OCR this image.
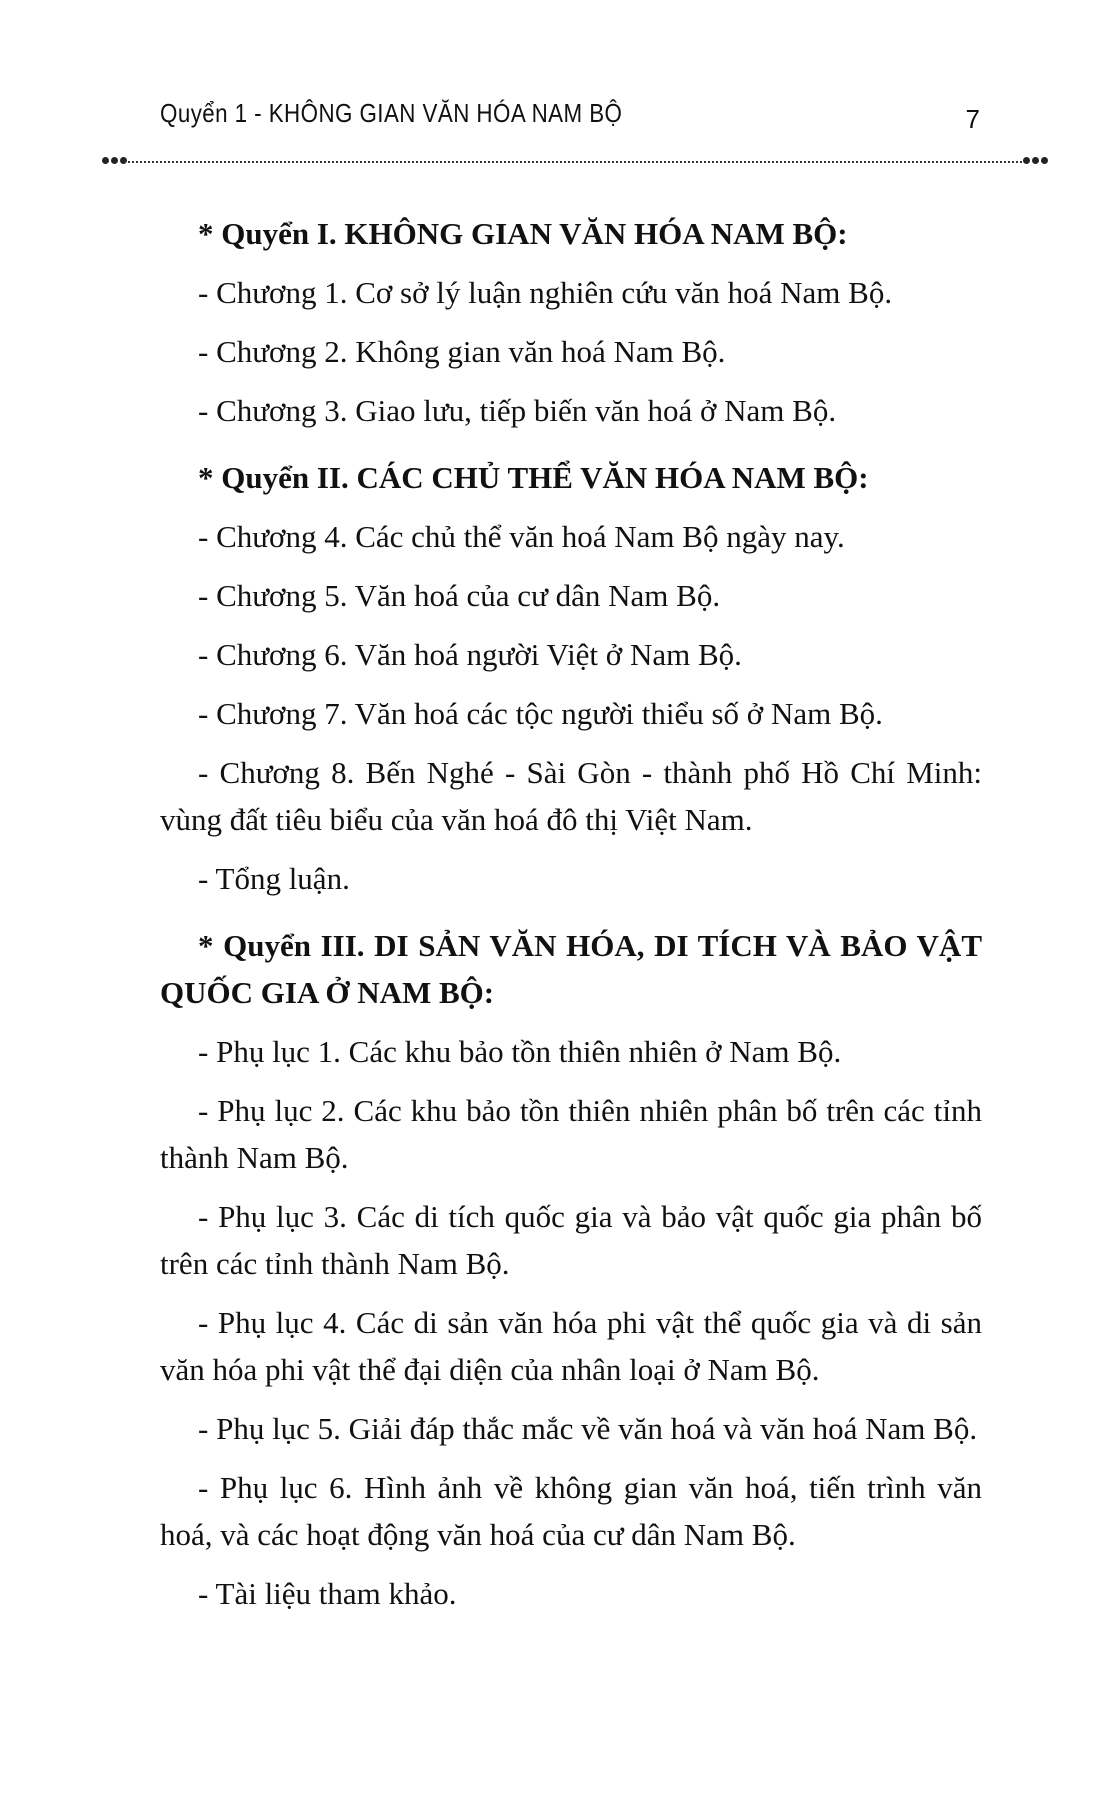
Quyển 1 - KHÔNG GIAN VĂN HÓA NAM BỘ	7

* Quyển I. KHÔNG GIAN VĂN HÓA NAM BỘ:

- Chương 1. Cơ sở lý luận nghiên cứu văn hoá Nam Bộ.

- Chương 2. Không gian văn hoá Nam Bộ.

- Chương 3. Giao lưu, tiếp biến văn hoá ở Nam Bộ.

* Quyển II. CÁC CHỦ THỂ VĂN HÓA NAM BỘ:

- Chương 4. Các chủ thể văn hoá Nam Bộ ngày nay.

- Chương 5. Văn hoá của cư dân Nam Bộ.

- Chương 6. Văn hoá người Việt ở Nam Bộ.

- Chương 7. Văn hoá các tộc người thiểu số ở Nam Bộ.

- Chương 8. Bến Nghé - Sài Gòn - thành phố Hồ Chí Minh: vùng đất tiêu biểu của văn hoá đô thị Việt Nam.

- Tổng luận.

* Quyển III. DI SẢN VĂN HÓA, DI TÍCH VÀ BẢO VẬT QUỐC GIA Ở NAM BỘ:

- Phụ lục 1. Các khu bảo tồn thiên nhiên ở Nam Bộ.

- Phụ lục 2. Các khu bảo tồn thiên nhiên phân bố trên các tỉnh thành Nam Bộ.

- Phụ lục 3. Các di tích quốc gia và bảo vật quốc gia phân bố trên các tỉnh thành Nam Bộ.

- Phụ lục 4. Các di sản văn hóa phi vật thể quốc gia và di sản văn hóa phi vật thể đại diện của nhân loại ở Nam Bộ.

- Phụ lục 5. Giải đáp thắc mắc về văn hoá và văn hoá Nam Bộ.

- Phụ lục 6. Hình ảnh về không gian văn hoá, tiến trình văn hoá, và các hoạt động văn hoá của cư dân Nam Bộ.

- Tài liệu tham khảo.
